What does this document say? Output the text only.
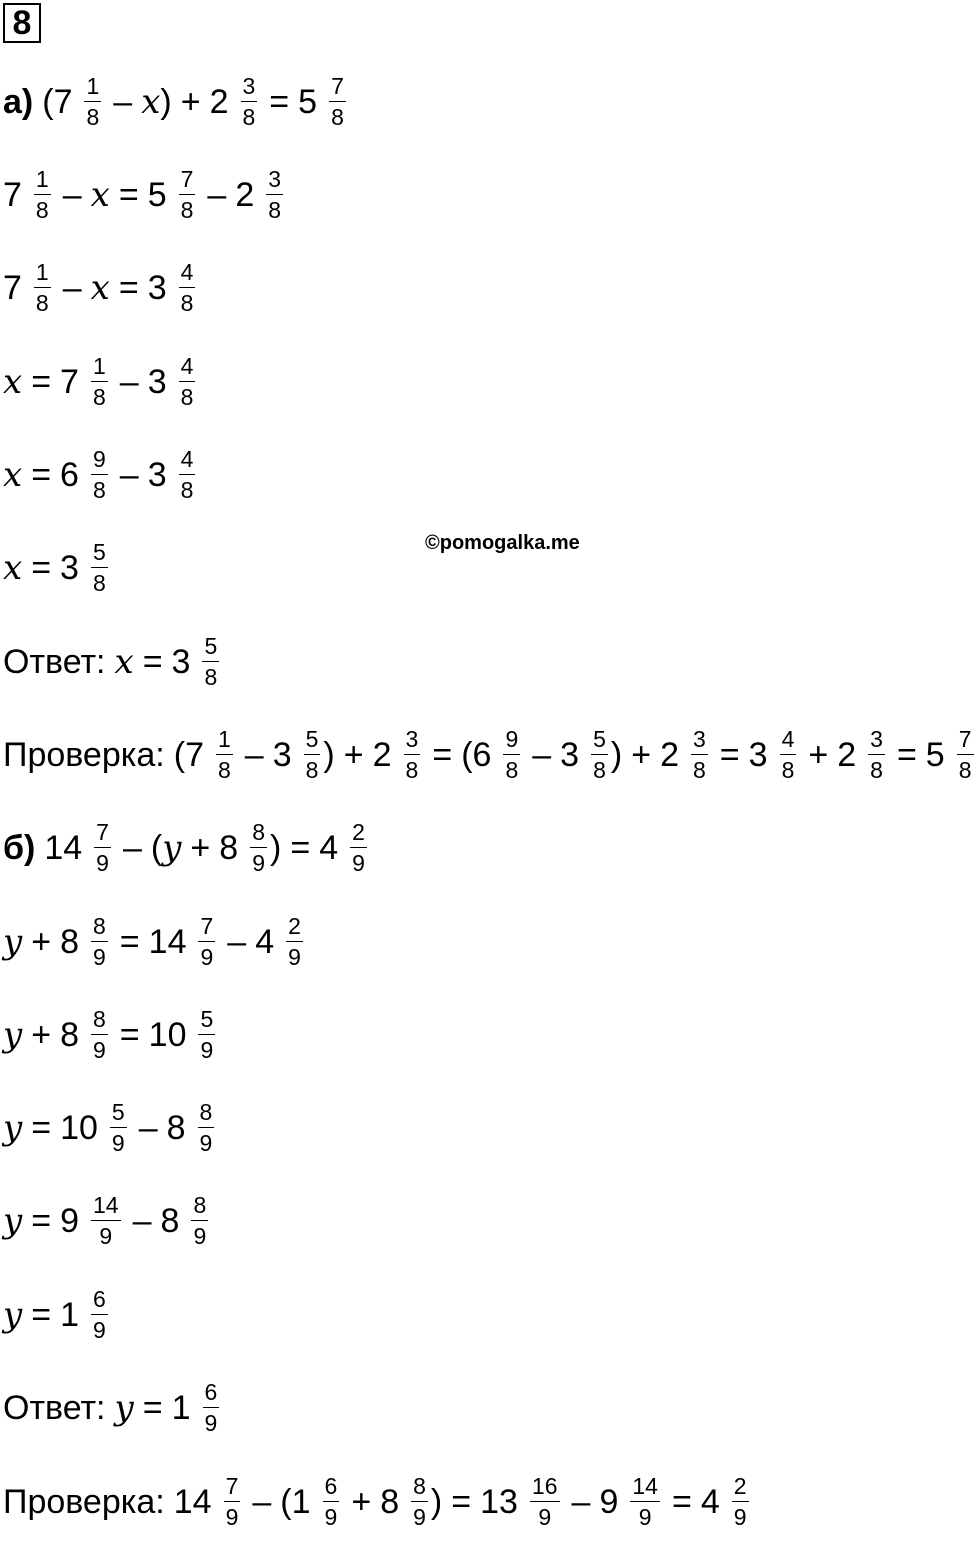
8
©pomogalka.me
а) ( 7 1
8 – x ) + 2 3
8 = 5 7
8
7 1
8 – x = 5 7
8 – 2 3
8
7 1
8 – x = 3 4
8
x = 7 1
8 – 3 4
8
x = 6 9
8 – 3 4
8
x = 3 5
8
Ответ: x = 3 5
8
Проверка: ( 7 1
8 – 3 5
8 ) + 2 3
8 = ( 6 9
8 – 3 5
8 ) + 2 3
8 = 3 4
8 + 2 3
8 = 5 7
8
б) 14 7
9 – ( y + 8 8
9 ) = 4 2
9
y + 8 8
9 = 14 7
9 – 4 2
9
y + 8 8
9 = 10 5
9
y = 10 5
9 – 8 8
9
y = 9 14
9 – 8 8
9
y = 1 6
9
Ответ: y = 1 6
9
Проверка: 14 7
9 – ( 1 6
9 + 8 8
9 ) = 13 16
9 – 9 14
9 = 4 2
9
